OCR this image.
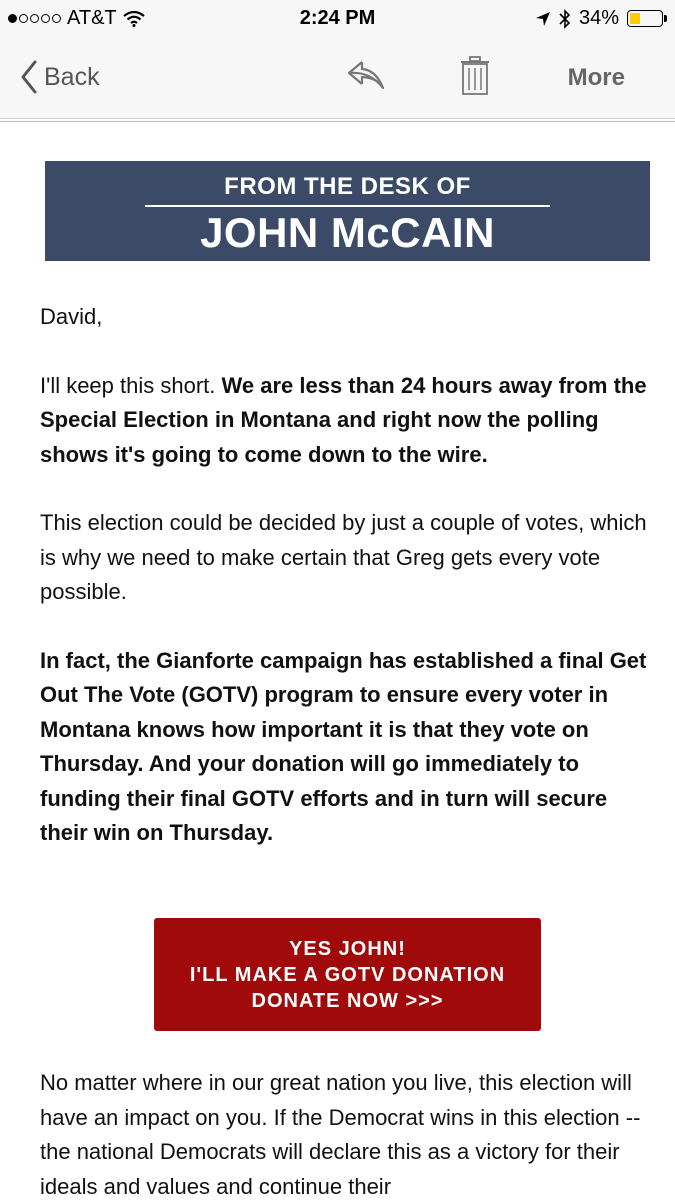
AT&T	2:24 PM	34%
Back	More
FROM THE DESK OF
JOHN McCAIN

David,

I'll keep this short. We are less than 24 hours away from the Special Election in Montana and right now the polling shows it's going to come down to the wire.

This election could be decided by just a couple of votes, which is why we need to make certain that Greg gets every vote possible.

In fact, the Gianforte campaign has established a final Get Out The Vote (GOTV) program to ensure every voter in Montana knows how important it is that they vote on Thursday. And your donation will go immediately to funding their final GOTV efforts and in turn will secure their win on Thursday.

YES JOHN!
I'LL MAKE A GOTV DONATION
DONATE NOW >>>
No matter where in our great nation you live, this election will have an impact on you. If the Democrat wins in this election -- the national Democrats will declare this as a victory for their ideals and values and continue their
